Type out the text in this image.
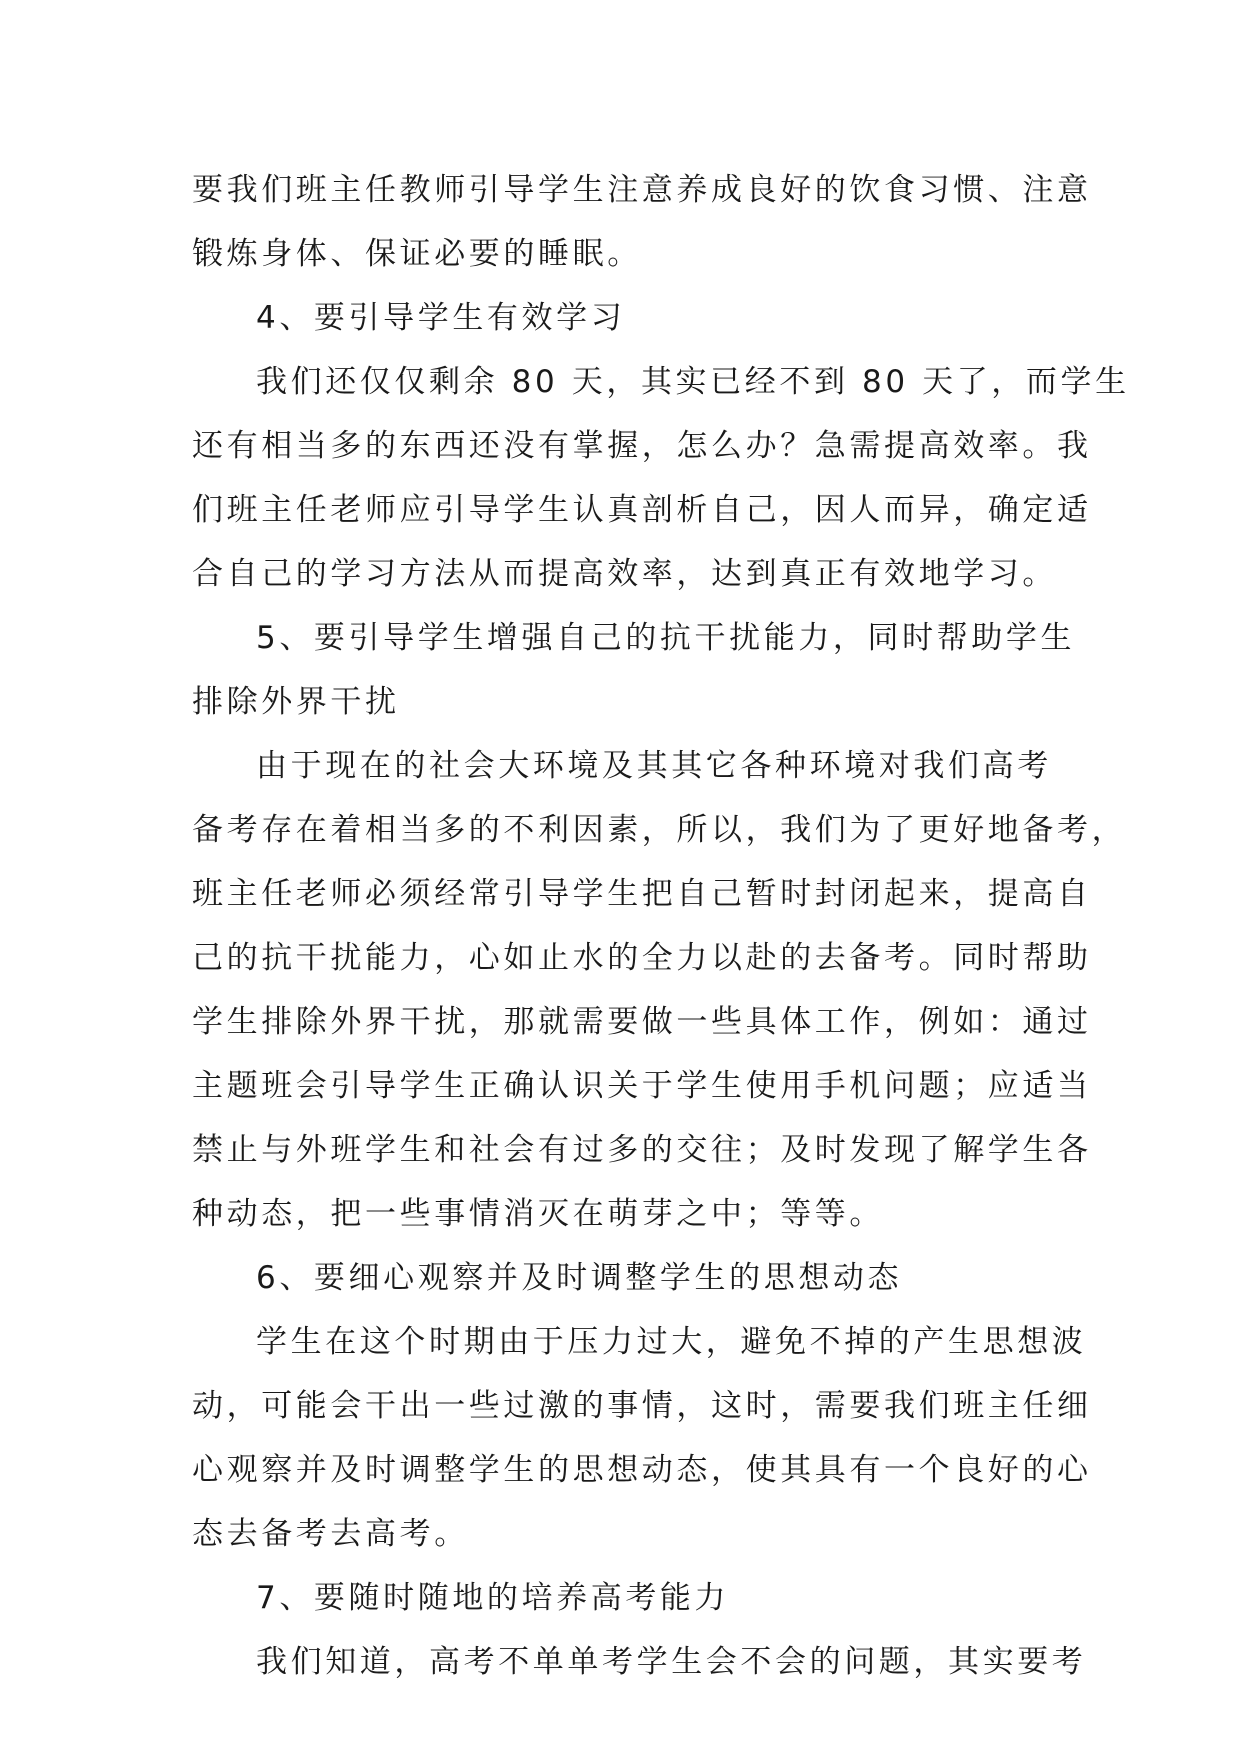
要我们班主任教师引导学生注意养成良好的饮食习惯、注意
锻炼身体、保证必要的睡眠。
4、要引导学生有效学习
我们还仅仅剩余 80 天，其实已经不到 80 天了，而学生
还有相当多的东西还没有掌握，怎么办？急需提高效率。我
们班主任老师应引导学生认真剖析自己，因人而异，确定适
合自己的学习方法从而提高效率，达到真正有效地学习。
5、要引导学生增强自己的抗干扰能力，同时帮助学生
排除外界干扰
由于现在的社会大环境及其其它各种环境对我们高考
备考存在着相当多的不利因素，所以，我们为了更好地备考，
班主任老师必须经常引导学生把自己暂时封闭起来，提高自
己的抗干扰能力，心如止水的全力以赴的去备考。同时帮助
学生排除外界干扰，那就需要做一些具体工作，例如：通过
主题班会引导学生正确认识关于学生使用手机问题；应适当
禁止与外班学生和社会有过多的交往；及时发现了解学生各
种动态，把一些事情消灭在萌芽之中；等等。
6、要细心观察并及时调整学生的思想动态
学生在这个时期由于压力过大，避免不掉的产生思想波
动，可能会干出一些过激的事情，这时，需要我们班主任细
心观察并及时调整学生的思想动态，使其具有一个良好的心
态去备考去高考。
7、要随时随地的培养高考能力
我们知道，高考不单单考学生会不会的问题，其实要考
